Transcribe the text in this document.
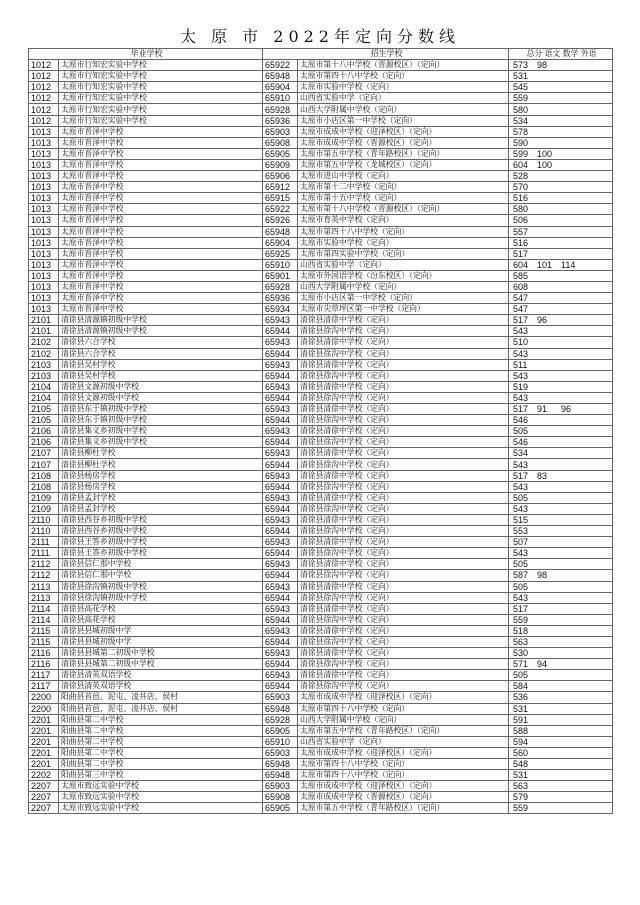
太 原 市 2022年定向分数线
毕业学校		招生学校		总分 语文 数学 外语
1012	太原市行知宏实验中学校	65922	太原市第十八中学校（晋源校区）（定向）	573 98
1012	太原市行知宏实验中学校	65948	太原市第四十八中学校（定向）	531
1012	太原市行知宏实验中学校	65904	太原市实验中学校（定向）	545
1012	太原市行知宏实验中学校	65910	山西省实验中学（定向）	559
1012	太原市行知宏实验中学校	65928	山西大学附属中学校（定向）	580
1012	太原市行知宏实验中学校	65936	太原市小店区第一中学校（定向）	534
1013	太原市晋泽中学校	65903	太原市成成中学校（迎泽校区）（定向）	578
1013	太原市晋泽中学校	65908	太原市成成中学校（晋源校区）（定向）	590
1013	太原市晋泽中学校	65905	太原市第五中学校（青年路校区）（定向）	599 100
1013	太原市晋泽中学校	65909	太原市第五中学校（龙城校区）（定向）	604 100
1013	太原市晋泽中学校	65906	太原市进山中学校（定向）	528
1013	太原市晋泽中学校	65912	太原市第十二中学校（定向）	570
1013	太原市晋泽中学校	65915	太原市第十五中学校（定向）	516
1013	太原市晋泽中学校	65922	太原市第十八中学校（晋源校区）（定向）	580
1013	太原市晋泽中学校	65926	太原市育英中学校（定向）	506
1013	太原市晋泽中学校	65948	太原市第四十八中学校（定向）	557
1013	太原市晋泽中学校	65904	太原市实验中学校（定向）	516
1013	太原市晋泽中学校	65925	太原市第四实验中学校（定向）	517
1013	太原市晋泽中学校	65910	山西省实验中学（定向）	604 101 114
1013	太原市晋泽中学校	65901	太原市外国语学校（汾东校区）（定向）	585
1013	太原市晋泽中学校	65928	山西大学附属中学校（定向）	608
1013	太原市晋泽中学校	65936	太原市小店区第一中学校（定向）	547
1013	太原市晋泽中学校	65934	太原市尖草坪区第一中学校（定向）	547
2101	清徐县清源镇初级中学校	65943	清徐县清徐中学校（定向）	517 96
2101	清徐县清源镇初级中学校	65944	清徐县徐沟中学校（定向）	543
2102	清徐县六合学校	65943	清徐县清徐中学校（定向）	510
2102	清徐县六合学校	65944	清徐县徐沟中学校（定向）	543
2103	清徐县吴村学校	65943	清徐县清徐中学校（定向）	511
2103	清徐县吴村学校	65944	清徐县徐沟中学校（定向）	543
2104	清徐县文源初级中学校	65943	清徐县清徐中学校（定向）	519
2104	清徐县文源初级中学校	65944	清徐县徐沟中学校（定向）	543
2105	清徐县东于镇初级中学校	65943	清徐县清徐中学校（定向）	517 91 96
2105	清徐县东于镇初级中学校	65944	清徐县徐沟中学校（定向）	546
2106	清徐县集义乡初级中学校	65943	清徐县清徐中学校（定向）	505
2106	清徐县集义乡初级中学校	65944	清徐县徐沟中学校（定向）	546
2107	清徐县柳杜学校	65943	清徐县清徐中学校（定向）	534
2107	清徐县柳杜学校	65944	清徐县徐沟中学校（定向）	543
2108	清徐县杨房学校	65943	清徐县清徐中学校（定向）	517 83
2108	清徐县杨房学校	65944	清徐县徐沟中学校（定向）	543
2109	清徐县孟封学校	65943	清徐县清徐中学校（定向）	505
2109	清徐县孟封学校	65944	清徐县徐沟中学校（定向）	543
2110	清徐县西谷乡初级中学校	65943	清徐县清徐中学校（定向）	515
2110	清徐县西谷乡初级中学校	65944	清徐县徐沟中学校（定向）	553
2111	清徐县王答乡初级中学校	65943	清徐县清徐中学校（定向）	507
2111	清徐县王答乡初级中学校	65944	清徐县徐沟中学校（定向）	543
2112	清徐县信仁那中学校	65943	清徐县清徐中学校（定向）	505
2112	清徐县信仁那中学校	65944	清徐县徐沟中学校（定向）	587 98
2113	清徐县徐沟镇初级中学校	65943	清徐县清徐中学校（定向）	505
2113	清徐县徐沟镇初级中学校	65944	清徐县徐沟中学校（定向）	543
2114	清徐县高花学校	65943	清徐县清徐中学校（定向）	517
2114	清徐县高花学校	65944	清徐县徐沟中学校（定向）	559
2115	清徐县县城初级中学	65943	清徐县清徐中学校（定向）	518
2115	清徐县县城初级中学	65944	清徐县徐沟中学校（定向）	563
2116	清徐县县城第二初级中学校	65943	清徐县清徐中学校（定向）	530
2116	清徐县县城第二初级中学校	65944	清徐县徐沟中学校（定向）	571 94
2117	清徐县清英双语学校	65943	清徐县清徐中学校（定向）	505
2117	清徐县清英双语学校	65944	清徐县徐沟中学校（定向）	584
2200	阳曲县首邑、泥屯、凌井店、侯村	65903	太原市成成中学校（迎泽校区）（定向）	536
2200	阳曲县首邑、泥屯、凌井店、侯村	65948	太原市第四十八中学校（定向）	531
2201	阳曲县第二中学校	65928	山西大学附属中学校（定向）	591
2201	阳曲县第二中学校	65905	太原市第五中学校（青年路校区）（定向）	588
2201	阳曲县第二中学校	65910	山西省实验中学（定向）	594
2201	阳曲县第二中学校	65903	太原市成成中学校（迎泽校区）（定向）	560
2201	阳曲县第二中学校	65948	太原市第四十八中学校（定向）	548
2202	阳曲县第三中学校	65948	太原市第四十八中学校（定向）	531
2207	太原市致远实验中学校	65903	太原市成成中学校（迎泽校区）（定向）	563
2207	太原市致远实验中学校	65908	太原市成成中学校（晋源校区）（定向）	579
2207	太原市致远实验中学校	65905	太原市第五中学校（青年路校区）（定向）	559
